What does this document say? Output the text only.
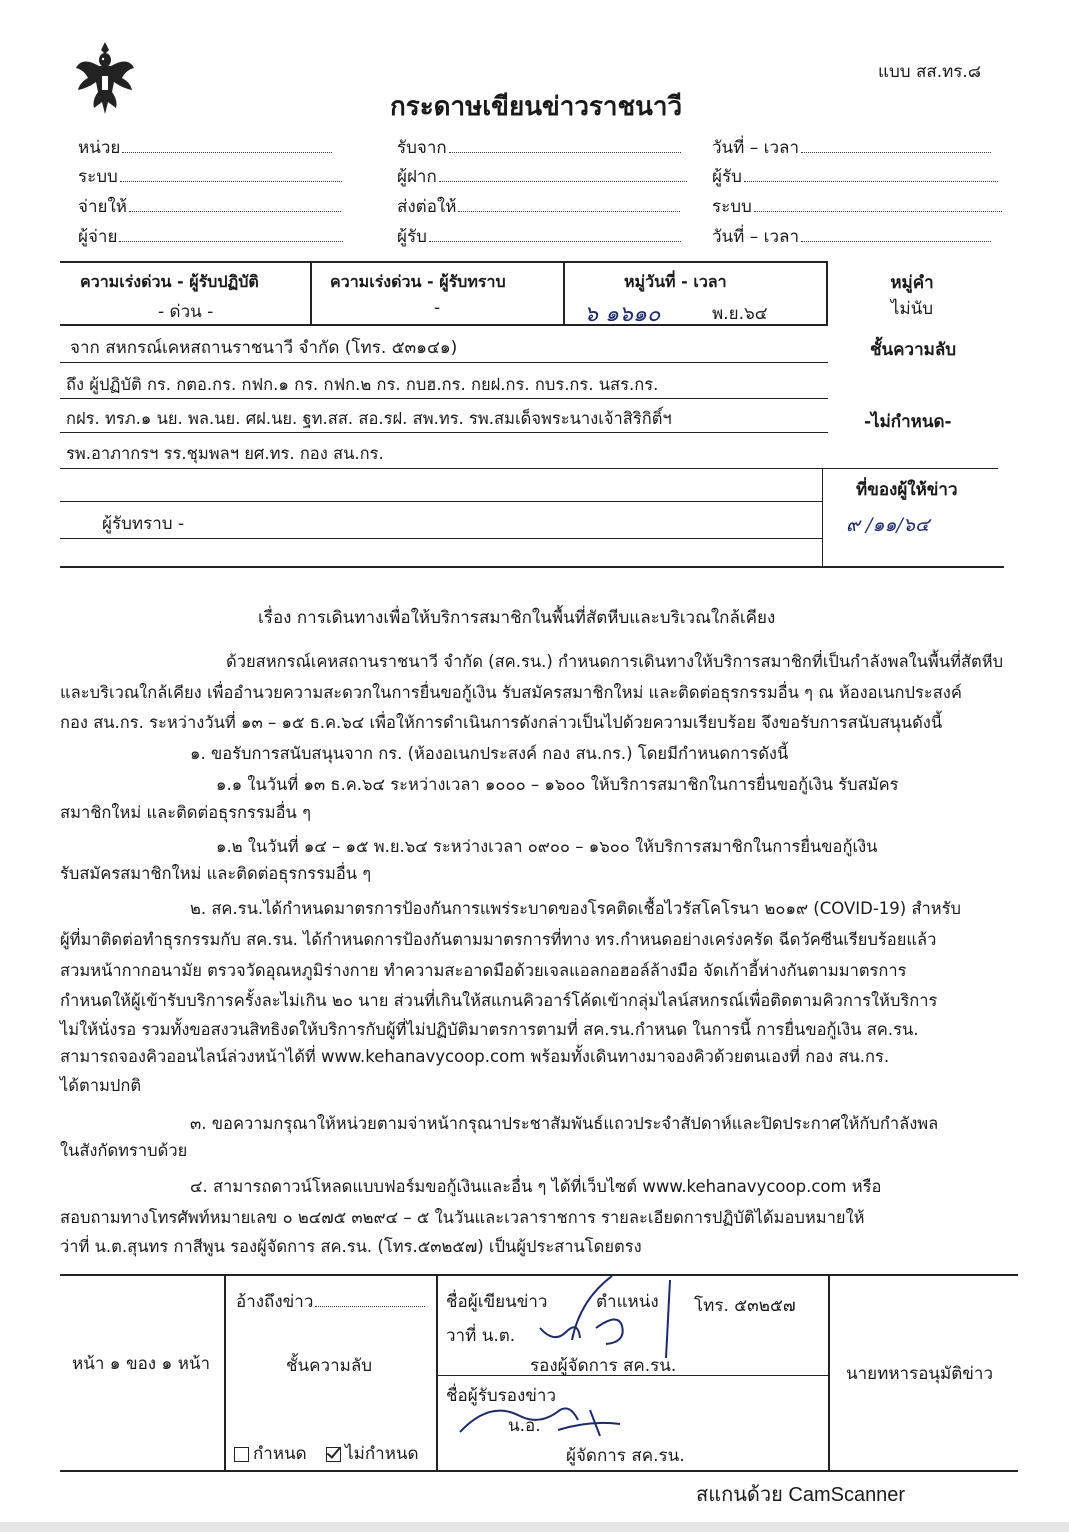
แบบ สส.ทร.๘
กระดาษเขียนข่าวราชนาวี
หน่วย
ระบบ
จ่ายให้
ผู้จ่าย
รับจาก
ผู้ฝาก
ส่งต่อให้
ผู้รับ
วันที่ – เวลา
ผู้รับ
ระบบ
วันที่ – เวลา
ความเร่งด่วน - ผู้รับปฏิบัติ
- ด่วน -
ความเร่งด่วน - ผู้รับทราบ
-
หมู่วันที่ - เวลา
๖ ๑๖๑๐	พ.ย.๖๔
หมู่คำ
ไม่นับ
จาก สหกรณ์เคหสถานราชนาวี จำกัด (โทร. ๕๓๑๔๑)
ถึง ผู้ปฏิบัติ กร. กตอ.กร. กฟก.๑ กร. กฟก.๒ กร. กบฮ.กร. กยฝ.กร. กบร.กร. นสร.กร.
กฝร. ทรภ.๑ นย. พล.นย. ศฝ.นย. ฐท.สส. สอ.รฝ. สพ.ทร. รพ.สมเด็จพระนางเจ้าสิริกิติ์ฯ
รพ.อาภากรฯ รร.ชุมพลฯ ยศ.ทร. กอง สน.กร.
ผู้รับทราบ -
ชั้นความลับ
-ไม่กำหนด-
ที่ของผู้ให้ข่าว
๙ /๑๑/๖๔
เรื่อง การเดินทางเพื่อให้บริการสมาชิกในพื้นที่สัตหีบและบริเวณใกล้เคียง
ด้วยสหกรณ์เคหสถานราชนาวี จำกัด (สค.รน.) กำหนดการเดินทางให้บริการสมาชิกที่เป็นกำลังพลในพื้นที่สัตหีบ
และบริเวณใกล้เคียง เพื่ออำนวยความสะดวกในการยื่นขอกู้เงิน รับสมัครสมาชิกใหม่ และติดต่อธุรกรรมอื่น ๆ ณ ห้องอเนกประสงค์
กอง สน.กร. ระหว่างวันที่ ๑๓ – ๑๕ ธ.ค.๖๔ เพื่อให้การดำเนินการดังกล่าวเป็นไปด้วยความเรียบร้อย จึงขอรับการสนับสนุนดังนี้
๑. ขอรับการสนับสนุนจาก กร. (ห้องอเนกประสงค์ กอง สน.กร.) โดยมีกำหนดการดังนี้
๑.๑ ในวันที่ ๑๓ ธ.ค.๖๔ ระหว่างเวลา ๑๐๐๐ – ๑๖๐๐ ให้บริการสมาชิกในการยื่นขอกู้เงิน รับสมัคร
สมาชิกใหม่ และติดต่อธุรกรรมอื่น ๆ
๑.๒ ในวันที่ ๑๔ – ๑๕ พ.ย.๖๔ ระหว่างเวลา ๐๙๐๐ – ๑๖๐๐ ให้บริการสมาชิกในการยื่นขอกู้เงิน
รับสมัครสมาชิกใหม่ และติดต่อธุรกรรมอื่น ๆ
๒. สค.รน.ได้กำหนดมาตรการป้องกันการแพร่ระบาดของโรคติดเชื้อไวรัสโคโรนา ๒๐๑๙ (COVID-19) สำหรับ
ผู้ที่มาติดต่อทำธุรกรรมกับ สค.รน. ได้กำหนดการป้องกันตามมาตรการที่ทาง ทร.กำหนดอย่างเคร่งครัด ฉีดวัคซีนเรียบร้อยแล้ว
สวมหน้ากากอนามัย ตรวจวัดอุณหภูมิร่างกาย ทำความสะอาดมือด้วยเจลแอลกอฮอล์ล้างมือ จัดเก้าอี้ห่างกันตามมาตรการ
กำหนดให้ผู้เข้ารับบริการครั้งละไม่เกิน ๒๐ นาย ส่วนที่เกินให้สแกนคิวอาร์โค้ดเข้ากลุ่มไลน์สหกรณ์เพื่อติดตามคิวการให้บริการ
ไม่ให้นั่งรอ รวมทั้งขอสงวนสิทธิงดให้บริการกับผู้ที่ไม่ปฏิบัติมาตรการตามที่ สค.รน.กำหนด ในการนี้ การยื่นขอกู้เงิน สค.รน.
สามารถจองคิวออนไลน์ล่วงหน้าได้ที่ www.kehanavycoop.com พร้อมทั้งเดินทางมาจองคิวด้วยตนเองที่ กอง สน.กร.
ได้ตามปกติ
๓. ขอความกรุณาให้หน่วยตามจ่าหน้ากรุณาประชาสัมพันธ์แถวประจำสัปดาห์และปิดประกาศให้กับกำลังพล
ในสังกัดทราบด้วย
๔. สามารถดาวน์โหลดแบบฟอร์มขอกู้เงินและอื่น ๆ ได้ที่เว็บไซต์ www.kehanavycoop.com หรือ
สอบถามทางโทรศัพท์หมายเลข ๐ ๒๔๗๕ ๓๒๙๔ – ๕ ในวันและเวลาราชการ รายละเอียดการปฏิบัติได้มอบหมายให้
ว่าที่ น.ต.สุนทร กาสีพูน รองผู้จัดการ สค.รน. (โทร.๕๓๒๕๗) เป็นผู้ประสานโดยตรง
หน้า ๑ ของ ๑ หน้า
อ้างถึงข่าว
ชั้นความลับ
กำหนด ไม่กำหนด
ชื่อผู้เขียนข่าว	ตำแหน่ง โทร. ๕๓๒๕๗
วาที่ น.ต.
รองผู้จัดการ สค.รน.
ชื่อผู้รับรองข่าว
น.อ.
ผู้จัดการ สค.รน.
นายทหารอนุมัติข่าว
สแกนด้วย CamScanner
